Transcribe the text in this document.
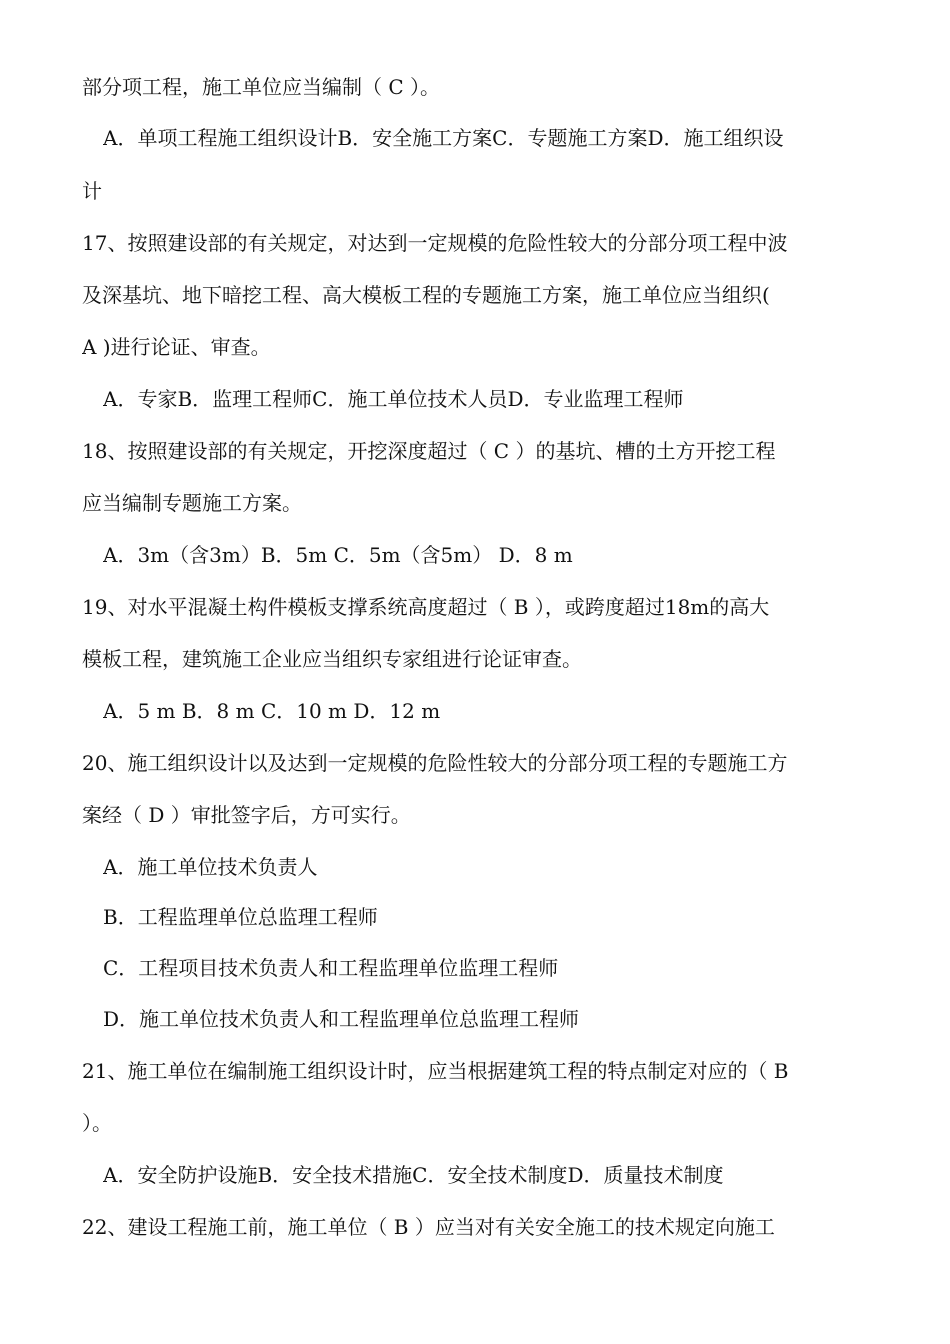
部分项工程，施工单位应当编制（ C ）。
A．单项工程施工组织设计B．安全施工方案C．专题施工方案D．施工组织设
计
17、按照建设部的有关规定，对达到一定规模的危险性较大的分部分项工程中波
及深基坑、地下暗挖工程、高大模板工程的专题施工方案，施工单位应当组织(
A )进行论证、审查。
A．专家B．监理工程师C．施工单位技术人员D．专业监理工程师
18、按照建设部的有关规定，开挖深度超过（ C ）的基坑、槽的土方开挖工程
应当编制专题施工方案。
A．3m（含3m）B．5m C．5m（含5m） D．8 m
19、对水平混凝土构件模板支撑系统高度超过（ B ），或跨度超过18m的高大
模板工程，建筑施工企业应当组织专家组进行论证审查。
A．5 m B．8 m C．10 m D．12 m
20、施工组织设计以及达到一定规模的危险性较大的分部分项工程的专题施工方
案经（ D ）审批签字后，方可实行。
A．施工单位技术负责人
B．工程监理单位总监理工程师
C．工程项目技术负责人和工程监理单位监理工程师
D．施工单位技术负责人和工程监理单位总监理工程师
21、施工单位在编制施工组织设计时，应当根据建筑工程的特点制定对应的（ B
）。
A．安全防护设施B．安全技术措施C．安全技术制度D．质量技术制度
22、建设工程施工前，施工单位（ B ）应当对有关安全施工的技术规定向施工
